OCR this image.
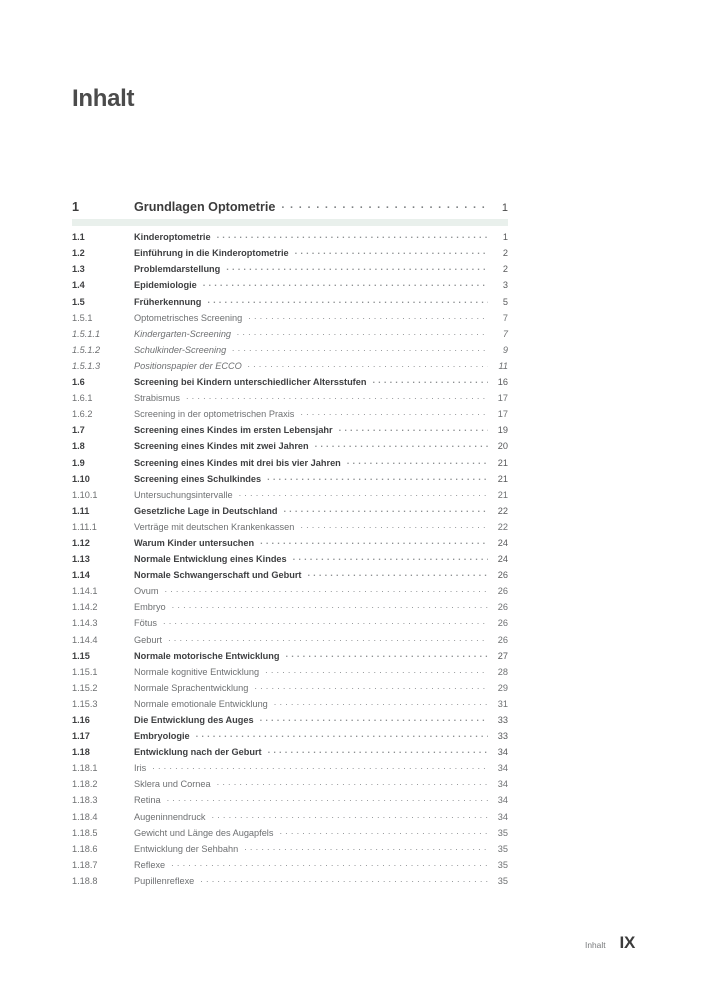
Inhalt
1	Grundlagen Optometrie . . .	1
1.1	Kinderoptometrie . . .	1
1.2	Einführung in die Kinderoptometrie . . .	2
1.3	Problemdarstellung . . .	2
1.4	Epidemiologie . . .	3
1.5	Früherkennung . . .	5
1.5.1	Optometrisches Screening . . .	7
1.5.1.1	Kindergarten-Screening . . .	7
1.5.1.2	Schulkinder-Screening . . .	9
1.5.1.3	Positionspapier der ECCO . . .	11
1.6	Screening bei Kindern unterschiedlicher Altersstufen . . .	16
1.6.1	Strabismus . . .	17
1.6.2	Screening in der optometrischen Praxis . . .	17
1.7	Screening eines Kindes im ersten Lebensjahr . . .	19
1.8	Screening eines Kindes mit zwei Jahren . . .	20
1.9	Screening eines Kindes mit drei bis vier Jahren . . .	21
1.10	Screening eines Schulkindes . . .	21
1.10.1	Untersuchungsintervalle . . .	21
1.11	Gesetzliche Lage in Deutschland . . .	22
1.11.1	Verträge mit deutschen Krankenkassen . . .	22
1.12	Warum Kinder untersuchen . . .	24
1.13	Normale Entwicklung eines Kindes . . .	24
1.14	Normale Schwangerschaft und Geburt . . .	26
1.14.1	Ovum . . .	26
1.14.2	Embryo . . .	26
1.14.3	Fötus . . .	26
1.14.4	Geburt . . .	26
1.15	Normale motorische Entwicklung . . .	27
1.15.1	Normale kognitive Entwicklung . . .	28
1.15.2	Normale Sprachentwicklung . . .	29
1.15.3	Normale emotionale Entwicklung . . .	31
1.16	Die Entwicklung des Auges . . .	33
1.17	Embryologie . . .	33
1.18	Entwicklung nach der Geburt . . .	34
1.18.1	Iris . . .	34
1.18.2	Sklera und Cornea . . .	34
1.18.3	Retina . . .	34
1.18.4	Augeninnendruck . . .	34
1.18.5	Gewicht und Länge des Augapfels . . .	35
1.18.6	Entwicklung der Sehbahn . . .	35
1.18.7	Reflexe . . .	35
1.18.8	Pupillenreflexe . . .	35
Inhalt IX
